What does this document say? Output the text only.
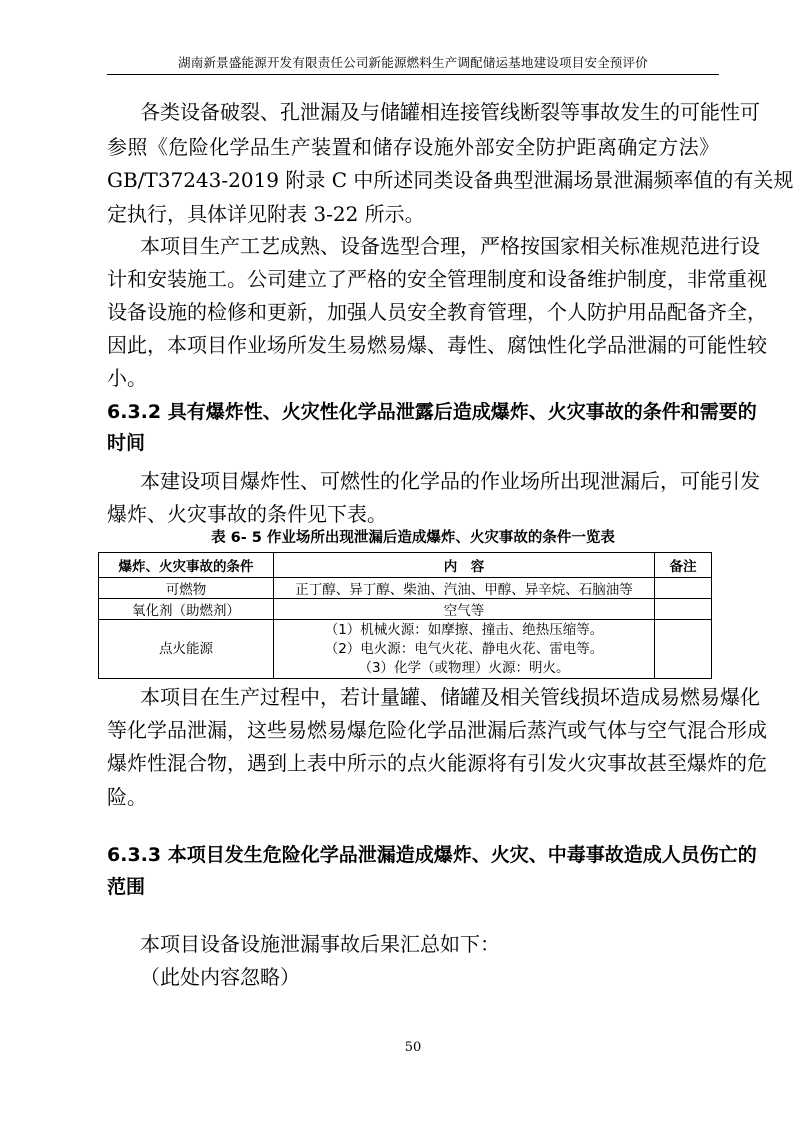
湖南新景盛能源开发有限责任公司新能源燃料生产调配储运基地建设项目安全预评价
各类设备破裂、孔泄漏及与储罐相连接管线断裂等事故发生的可能性可
参照《危险化学品生产装置和储存设施外部安全防护距离确定方法》
GB/T37243-2019 附录 C 中所述同类设备典型泄漏场景泄漏频率值的有关规
定执行，具体详见附表 3-22 所示。
本项目生产工艺成熟、设备选型合理，严格按国家相关标准规范进行设
计和安装施工。公司建立了严格的安全管理制度和设备维护制度，非常重视
设备设施的检修和更新，加强人员安全教育管理，个人防护用品配备齐全，
因此，本项目作业场所发生易燃易爆、毒性、腐蚀性化学品泄漏的可能性较
小。
6.3.2 具有爆炸性、火灾性化学品泄露后造成爆炸、火灾事故的条件和需要的
时间
本建设项目爆炸性、可燃性的化学品的作业场所出现泄漏后，可能引发
爆炸、火灾事故的条件见下表。
表 6- 5 作业场所出现泄漏后造成爆炸、火灾事故的条件一览表
爆炸、火灾事故的条件	内　容	备注
可燃物	正丁醇、异丁醇、柴油、汽油、甲醇、异辛烷、石脑油等	
氧化剂（助燃剂）	空气等	
点火能源	（1）机械火源：如摩擦、撞击、绝热压缩等。
（2）电火源：电气火花、静电火花、雷电等。
（3）化学（或物理）火源：明火。	

本项目在生产过程中，若计量罐、储罐及相关管线损坏造成易燃易爆化
等化学品泄漏，这些易燃易爆危险化学品泄漏后蒸汽或气体与空气混合形成
爆炸性混合物，遇到上表中所示的点火能源将有引发火灾事故甚至爆炸的危
险。
6.3.3 本项目发生危险化学品泄漏造成爆炸、火灾、中毒事故造成人员伤亡的
范围
本项目设备设施泄漏事故后果汇总如下：
（此处内容忽略）
50
